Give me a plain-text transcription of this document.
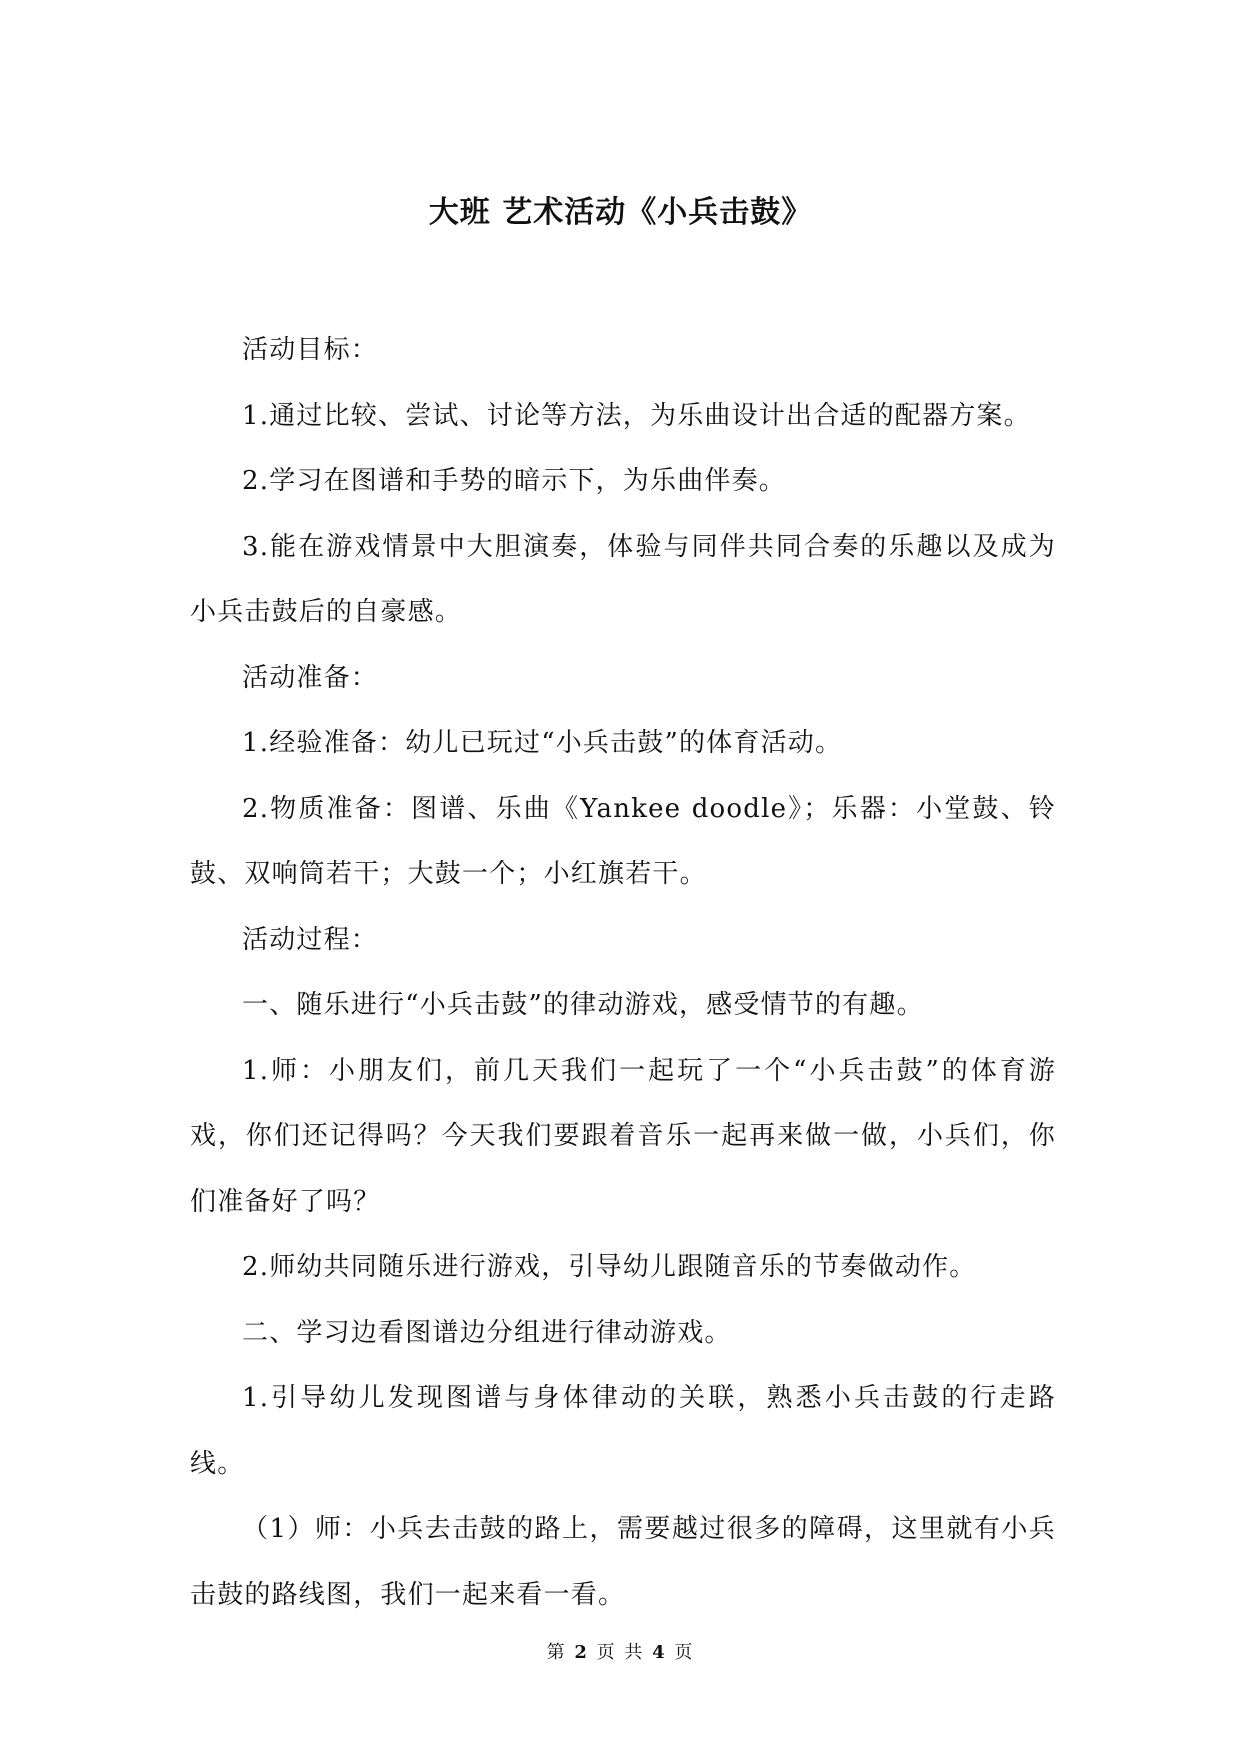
大班 艺术活动《小兵击鼓》

活动目标：

1.通过比较、尝试、讨论等方法，为乐曲设计出合适的配器方案。

2.学习在图谱和手势的暗示下，为乐曲伴奏。

3.能在游戏情景中大胆演奏，体验与同伴共同合奏的乐趣以及成为小兵击鼓后的自豪感。

活动准备：

1.经验准备：幼儿已玩过“小兵击鼓”的体育活动。

2.物质准备：图谱、乐曲《Yankee doodle》；乐器：小堂鼓、铃鼓、双响筒若干；大鼓一个；小红旗若干。

活动过程：

一、随乐进行“小兵击鼓”的律动游戏，感受情节的有趣。

1.师：小朋友们，前几天我们一起玩了一个“小兵击鼓”的体育游戏，你们还记得吗？今天我们要跟着音乐一起再来做一做，小兵们，你们准备好了吗？

2.师幼共同随乐进行游戏，引导幼儿跟随音乐的节奏做动作。

二、学习边看图谱边分组进行律动游戏。

1.引导幼儿发现图谱与身体律动的关联，熟悉小兵击鼓的行走路线。

（1）师：小兵去击鼓的路上，需要越过很多的障碍，这里就有小兵击鼓的路线图，我们一起来看一看。

第 2 页 共 4 页
